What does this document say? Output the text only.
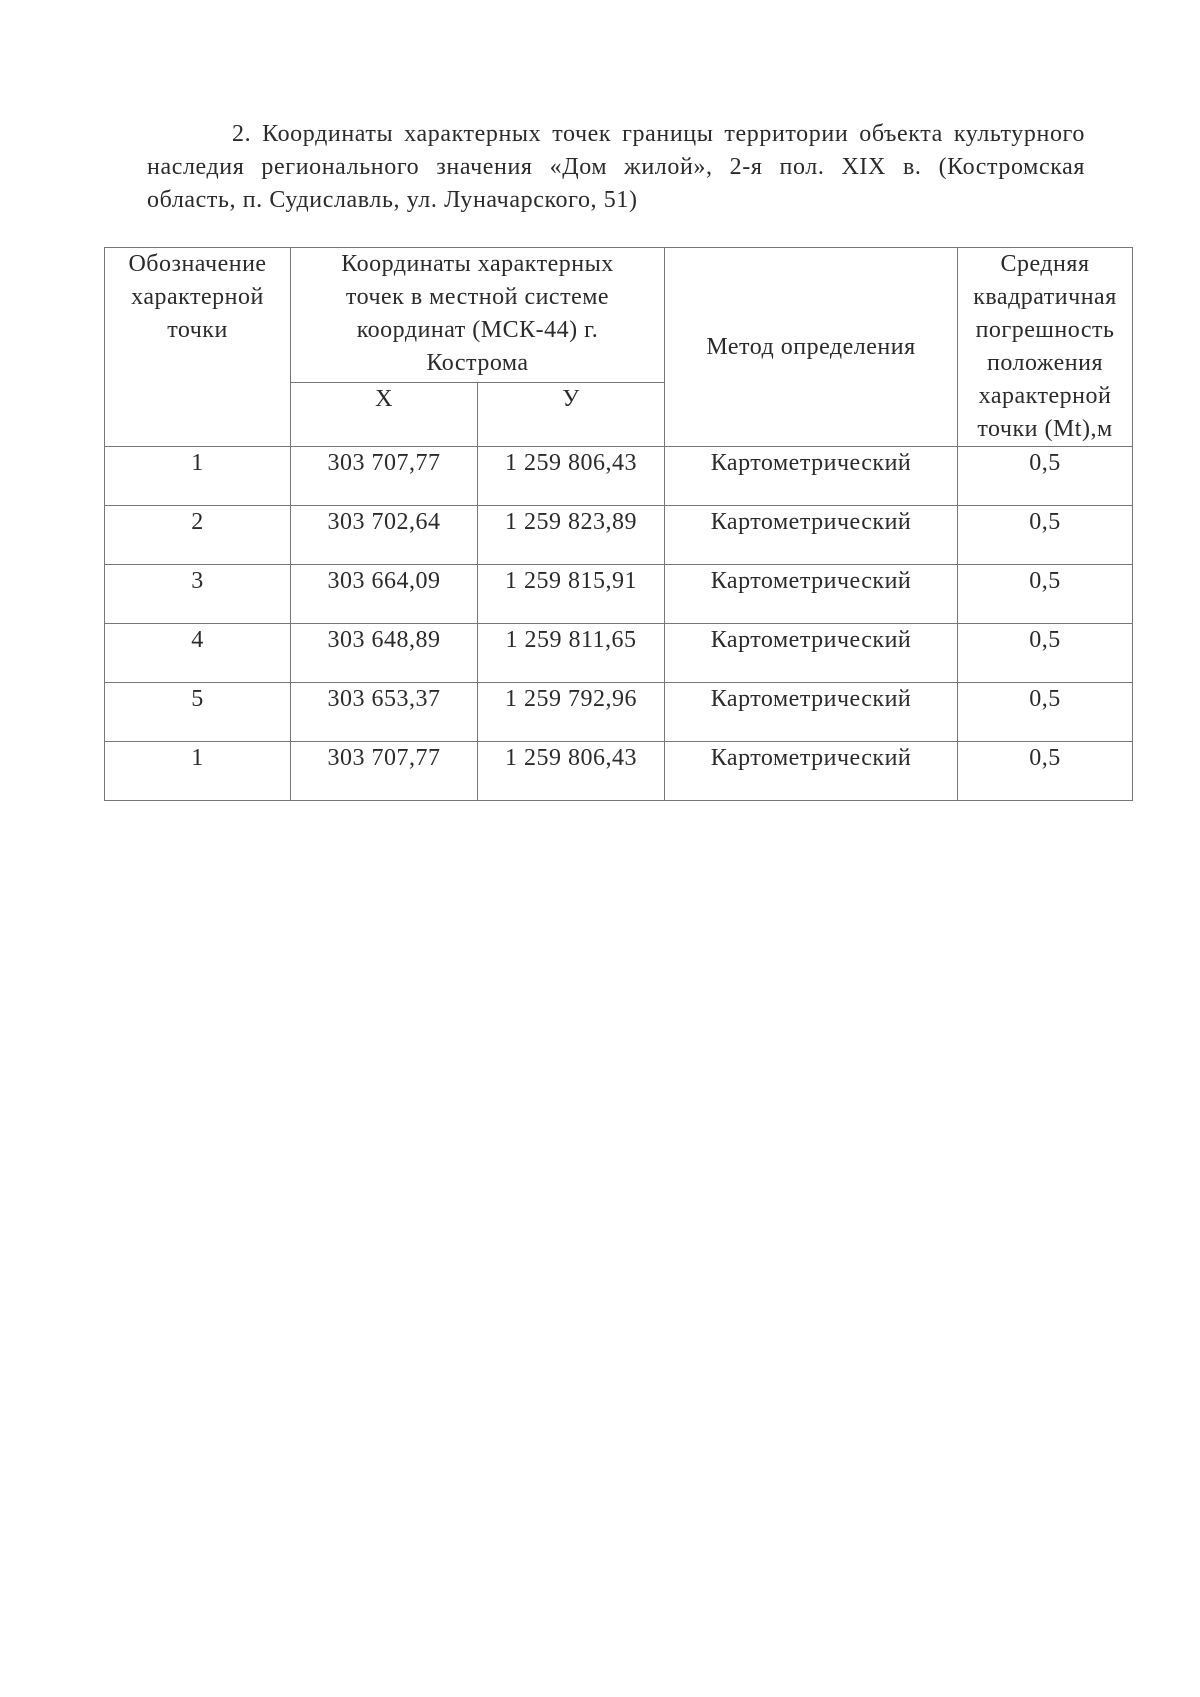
2. Координаты характерных точек границы территории объекта культурного наследия регионального значения «Дом жилой», 2-я пол. XIX в. (Костромская область, п. Судиславль, ул. Луначарского, 51)
Обозначение характерной точки	Координаты характерных точек в местной системе координат (МСК-44) г. Кострома		Метод определения	Средняя квадратичная погрешность положения характерной точки (Mt),м
	Х	У		
1	303 707,77	1 259 806,43	Картометрический	0,5
2	303 702,64	1 259 823,89	Картометрический	0,5
3	303 664,09	1 259 815,91	Картометрический	0,5
4	303 648,89	1 259 811,65	Картометрический	0,5
5	303 653,37	1 259 792,96	Картометрический	0,5
1	303 707,77	1 259 806,43	Картометрический	0,5
